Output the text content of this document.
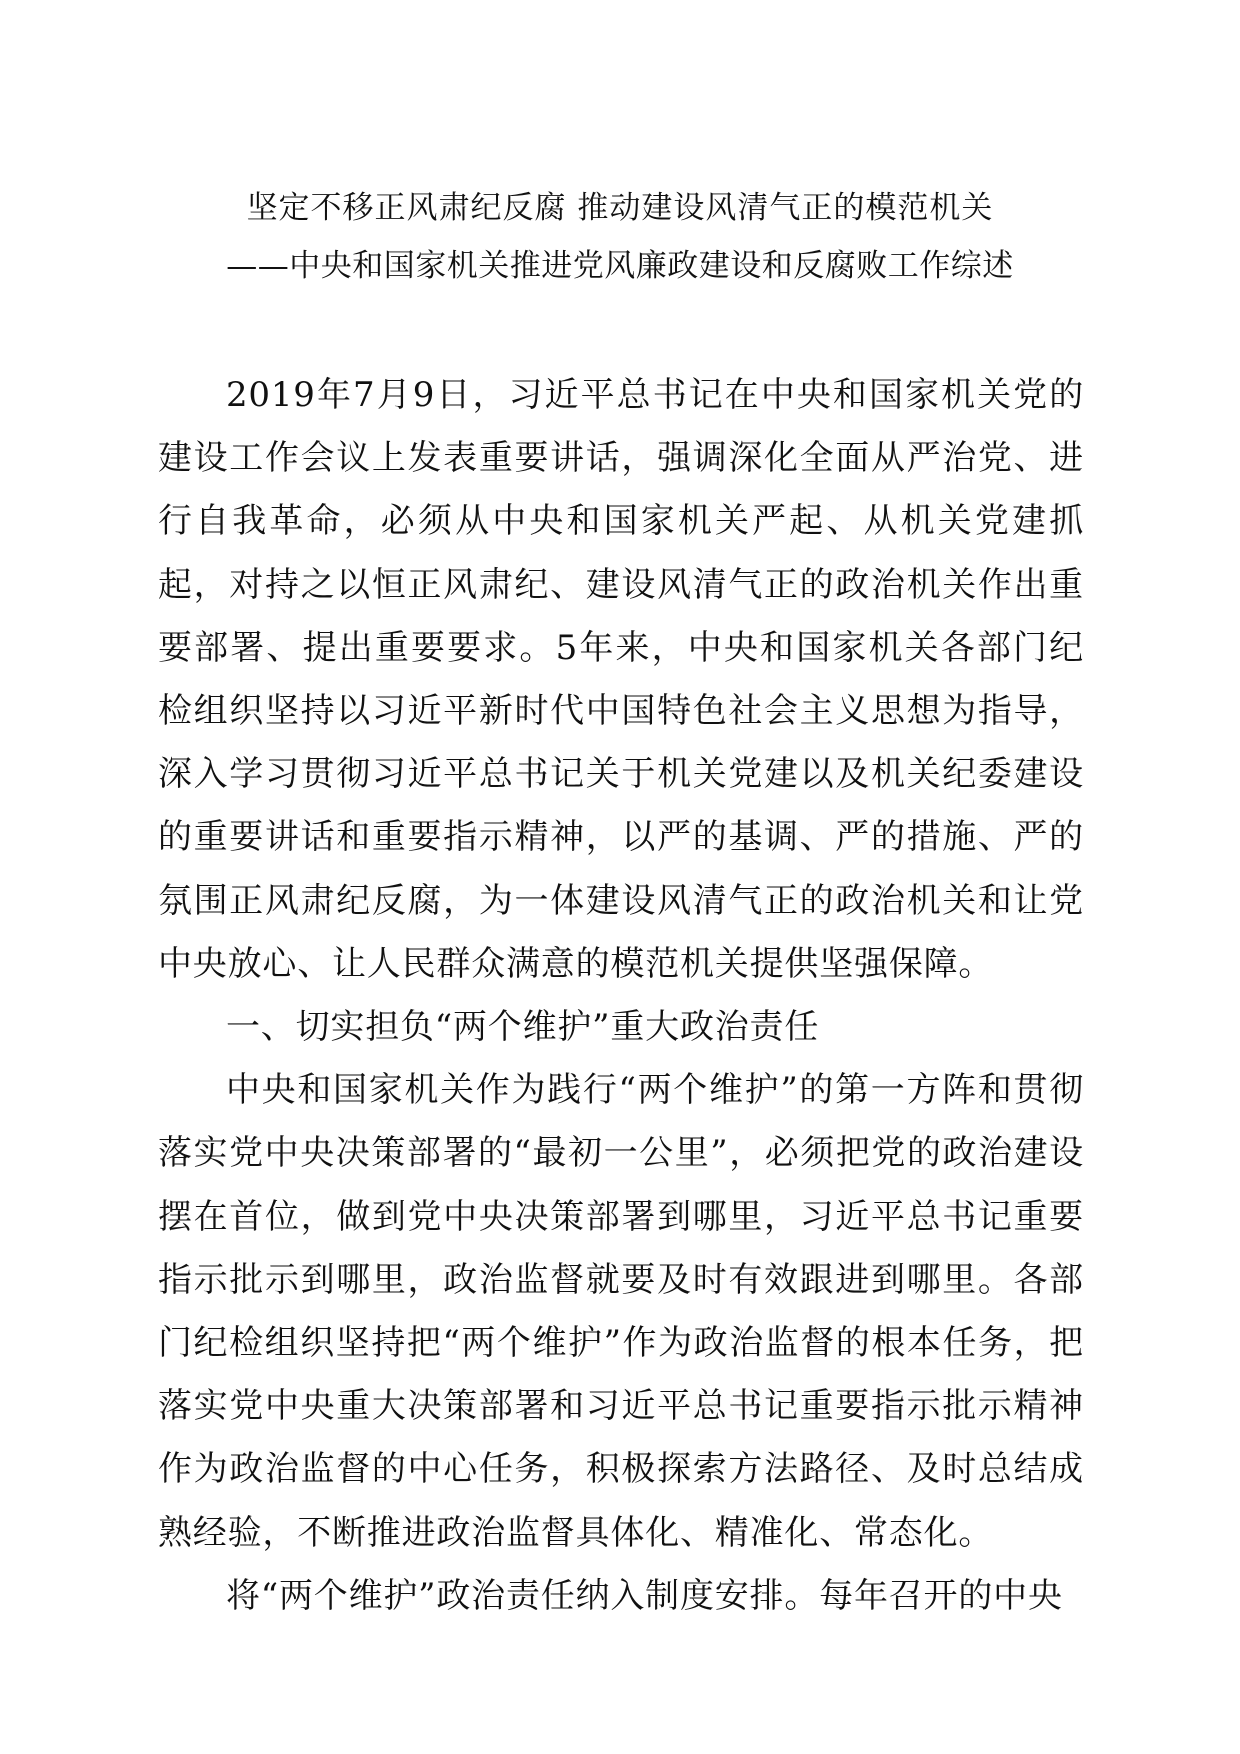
坚定不移正风肃纪反腐 推动建设风清气正的模范机关
——中央和国家机关推进党风廉政建设和反腐败工作综述

2019年7月9日，习近平总书记在中央和国家机关党的建设工作会议上发表重要讲话，强调深化全面从严治党、进行自我革命，必须从中央和国家机关严起、从机关党建抓起，对持之以恒正风肃纪、建设风清气正的政治机关作出重要部署、提出重要要求。5年来，中央和国家机关各部门纪检组织坚持以习近平新时代中国特色社会主义思想为指导，深入学习贯彻习近平总书记关于机关党建以及机关纪委建设的重要讲话和重要指示精神，以严的基调、严的措施、严的氛围正风肃纪反腐，为一体建设风清气正的政治机关和让党中央放心、让人民群众满意的模范机关提供坚强保障。

一、切实担负“两个维护”重大政治责任

中央和国家机关作为践行“两个维护”的第一方阵和贯彻落实党中央决策部署的“最初一公里”，必须把党的政治建设摆在首位，做到党中央决策部署到哪里，习近平总书记重要指示批示到哪里，政治监督就要及时有效跟进到哪里。各部门纪检组织坚持把“两个维护”作为政治监督的根本任务，把落实党中央重大决策部署和习近平总书记重要指示批示精神作为政治监督的中心任务，积极探索方法路径、及时总结成熟经验，不断推进政治监督具体化、精准化、常态化。

将“两个维护”政治责任纳入制度安排。每年召开的中央
